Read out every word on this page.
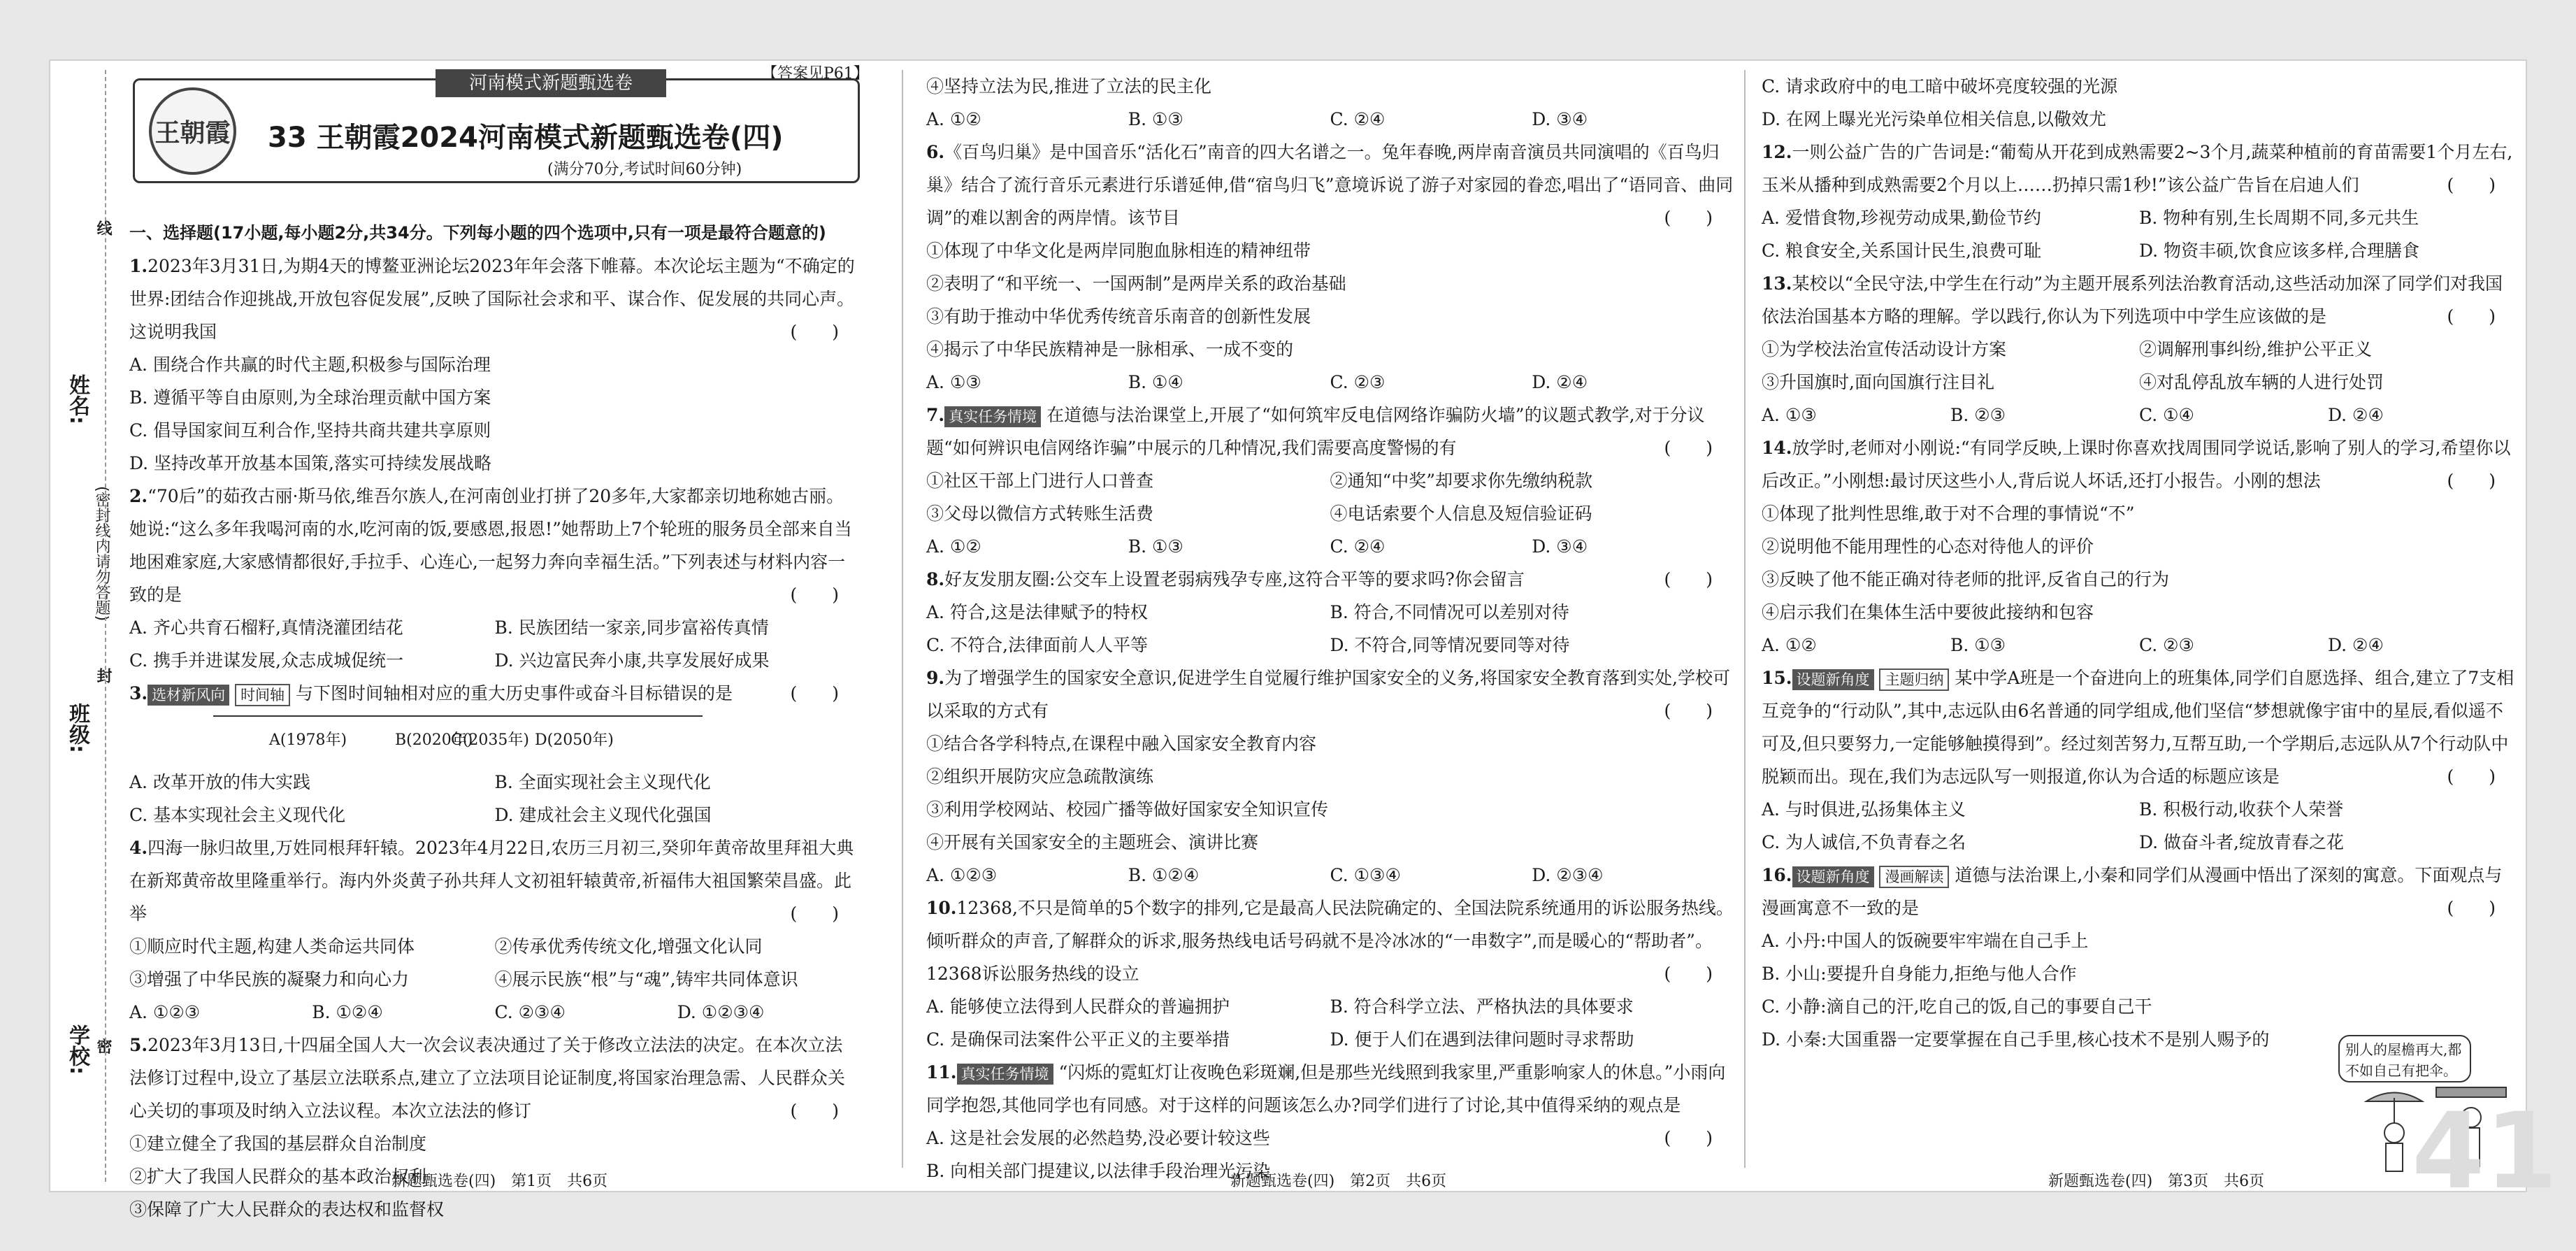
姓名:
班级:
学校:
(密封线内请勿答题)
线
封
密
【答案见P61】
王朝霞
河南模式新题甄选卷
33 王朝霞2024河南模式新题甄选卷(四)
(满分70分,考试时间60分钟)
一、选择题(17小题,每小题2分,共34分。下列每小题的四个选项中,只有一项是最符合题意的)
1.2023年3月31日,为期4天的博鳌亚洲论坛2023年年会落下帷幕。本次论坛主题为“不确定的世界:团结合作迎挑战,开放包容促发展”,反映了国际社会求和平、谋合作、促发展的共同心声。这说明我国	(　　)
A. 围绕合作共赢的时代主题,积极参与国际治理
B. 遵循平等自由原则,为全球治理贡献中国方案
C. 倡导国家间互利合作,坚持共商共建共享原则
D. 坚持改革开放基本国策,落实可持续发展战略
2.“70后”的茹孜古丽·斯马依,维吾尔族人,在河南创业打拼了20多年,大家都亲切地称她古丽。她说:“这么多年我喝河南的水,吃河南的饭,要感恩,报恩!”她帮助上7个轮班的服务员全部来自当地困难家庭,大家感情都很好,手拉手、心连心,一起努力奔向幸福生活。”下列表述与材料内容一致的是	(　　)
A. 齐心共育石榴籽,真情浇灌团结花	B. 民族团结一家亲,同步富裕传真情
C. 携手并进谋发展,众志成城促统一	D. 兴边富民奔小康,共享发展好成果
3. 选材新风向 时间轴 与下图时间轴相对应的重大历史事件或奋斗目标错误的是	(　　)
A(1978年)	B(2020年)
C(2035年) D(2050年)
A. 改革开放的伟大实践	B. 全面实现社会主义现代化
C. 基本实现社会主义现代化	D. 建成社会主义现代化强国
4.四海一脉归故里,万姓同根拜轩辕。2023年4月22日,农历三月初三,癸卯年黄帝故里拜祖大典在新郑黄帝故里隆重举行。海内外炎黄子孙共拜人文初祖轩辕黄帝,祈福伟大祖国繁荣昌盛。此举	(　　)
①顺应时代主题,构建人类命运共同体	②传承优秀传统文化,增强文化认同
③增强了中华民族的凝聚力和向心力	④展示民族“根”与“魂”,铸牢共同体意识
A. ①②③	B. ①②④	C. ②③④	D. ①②③④
5.2023年3月13日,十四届全国人大一次会议表决通过了关于修改立法法的决定。在本次立法法修订过程中,设立了基层立法联系点,建立了立法项目论证制度,将国家治理急需、人民群众关心关切的事项及时纳入立法议程。本次立法法的修订	(　　)
①建立健全了我国的基层群众自治制度
②扩大了我国人民群众的基本政治权利
③保障了广大人民群众的表达权和监督权
④坚持立法为民,推进了立法的民主化
A. ①②	B. ①③	C. ②④	D. ③④
6.《百鸟归巢》是中国音乐“活化石”南音的四大名谱之一。兔年春晚,两岸南音演员共同演唱的《百鸟归巢》结合了流行音乐元素进行乐谱延伸,借“宿鸟归飞”意境诉说了游子对家园的眷恋,唱出了“语同音、曲同调”的难以割舍的两岸情。该节目	(　　)
①体现了中华文化是两岸同胞血脉相连的精神纽带
②表明了“和平统一、一国两制”是两岸关系的政治基础
③有助于推动中华优秀传统音乐南音的创新性发展
④揭示了中华民族精神是一脉相承、一成不变的
A. ①③	B. ①④	C. ②③	D. ②④
7. 真实任务情境 在道德与法治课堂上,开展了“如何筑牢反电信网络诈骗防火墙”的议题式教学,对于分议题“如何辨识电信网络诈骗”中展示的几种情况,我们需要高度警惕的有	(　　)
①社区干部上门进行人口普查	②通知“中奖”却要求你先缴纳税款
③父母以微信方式转账生活费	④电话索要个人信息及短信验证码
A. ①②	B. ①③	C. ②④	D. ③④
8.好友发朋友圈:公交车上设置老弱病残孕专座,这符合平等的要求吗?你会留言	(　　)
A. 符合,这是法律赋予的特权	B. 符合,不同情况可以差别对待
C. 不符合,法律面前人人平等	D. 不符合,同等情况要同等对待
9.为了增强学生的国家安全意识,促进学生自觉履行维护国家安全的义务,将国家安全教育落到实处,学校可以采取的方式有	(　　)
①结合各学科特点,在课程中融入国家安全教育内容
②组织开展防灾应急疏散演练
③利用学校网站、校园广播等做好国家安全知识宣传
④开展有关国家安全的主题班会、演讲比赛
A. ①②③	B. ①②④	C. ①③④	D. ②③④
10.12368,不只是简单的5个数字的排列,它是最高人民法院确定的、全国法院系统通用的诉讼服务热线。倾听群众的声音,了解群众的诉求,服务热线电话号码就不是冷冰冰的“一串数字”,而是暖心的“帮助者”。12368诉讼服务热线的设立	(　　)
A. 能够使立法得到人民群众的普遍拥护	B. 符合科学立法、严格执法的具体要求
C. 是确保司法案件公平正义的主要举措	D. 便于人们在遇到法律问题时寻求帮助
11. 真实任务情境 “闪烁的霓虹灯让夜晚色彩斑斓,但是那些光线照到我家里,严重影响家人的休息。”小雨向同学抱怨,其他同学也有同感。对于这样的问题该怎么办?同学们进行了讨论,其中值得采纳的观点是
(　　)
A. 这是社会发展的必然趋势,没必要计较这些
B. 向相关部门提建议,以法律手段治理光污染
C. 请求政府中的电工暗中破坏亮度较强的光源
D. 在网上曝光光污染单位相关信息,以儆效尤
12.一则公益广告的广告词是:“葡萄从开花到成熟需要2~3个月,蔬菜种植前的育苗需要1个月左右,玉米从播种到成熟需要2个月以上……扔掉只需1秒!”该公益广告旨在启迪人们	(　　)
A. 爱惜食物,珍视劳动成果,勤俭节约	B. 物种有别,生长周期不同,多元共生
C. 粮食安全,关系国计民生,浪费可耻	D. 物资丰硕,饮食应该多样,合理膳食
13.某校以“全民守法,中学生在行动”为主题开展系列法治教育活动,这些活动加深了同学们对我国依法治国基本方略的理解。学以践行,你认为下列选项中中学生应该做的是	(　　)
①为学校法治宣传活动设计方案	②调解刑事纠纷,维护公平正义
③升国旗时,面向国旗行注目礼	④对乱停乱放车辆的人进行处罚
A. ①③	B. ②③	C. ①④	D. ②④
14.放学时,老师对小刚说:“有同学反映,上课时你喜欢找周围同学说话,影响了别人的学习,希望你以后改正。”小刚想:最讨厌这些小人,背后说人坏话,还打小报告。小刚的想法	(　　)
①体现了批判性思维,敢于对不合理的事情说“不”
②说明他不能用理性的心态对待他人的评价
③反映了他不能正确对待老师的批评,反省自己的行为
④启示我们在集体生活中要彼此接纳和包容
A. ①②	B. ①③	C. ②③	D. ②④
15. 设题新角度 主题归纳 某中学A班是一个奋进向上的班集体,同学们自愿选择、组合,建立了7支相互竞争的“行动队”,其中,志远队由6名普通的同学组成,他们坚信“梦想就像宇宙中的星辰,看似遥不可及,但只要努力,一定能够触摸得到”。经过刻苦努力,互帮互助,一个学期后,志远队从7个行动队中脱颖而出。现在,我们为志远队写一则报道,你认为合适的标题应该是	(　　)
A. 与时俱进,弘扬集体主义	B. 积极行动,收获个人荣誉
C. 为人诚信,不负青春之名	D. 做奋斗者,绽放青春之花
16. 设题新角度 漫画解读 道德与法治课上,小秦和同学们从漫画中悟出了深刻的寓意。下面观点与漫画寓意不一致的是	(　　)
A. 小丹:中国人的饭碗要牢牢端在自己手上
B. 小山:要提升自身能力,拒绝与他人合作
C. 小静:滴自己的汗,吃自己的饭,自己的事要自己干
D. 小秦:大国重器一定要掌握在自己手里,核心技术不是别人赐予的	别人的屋檐再大,都不如自己有把伞。
41
新题甄选卷(四)　第1页　共6页	新题甄选卷(四)　第2页　共6页	新题甄选卷(四)　第3页　共6页
